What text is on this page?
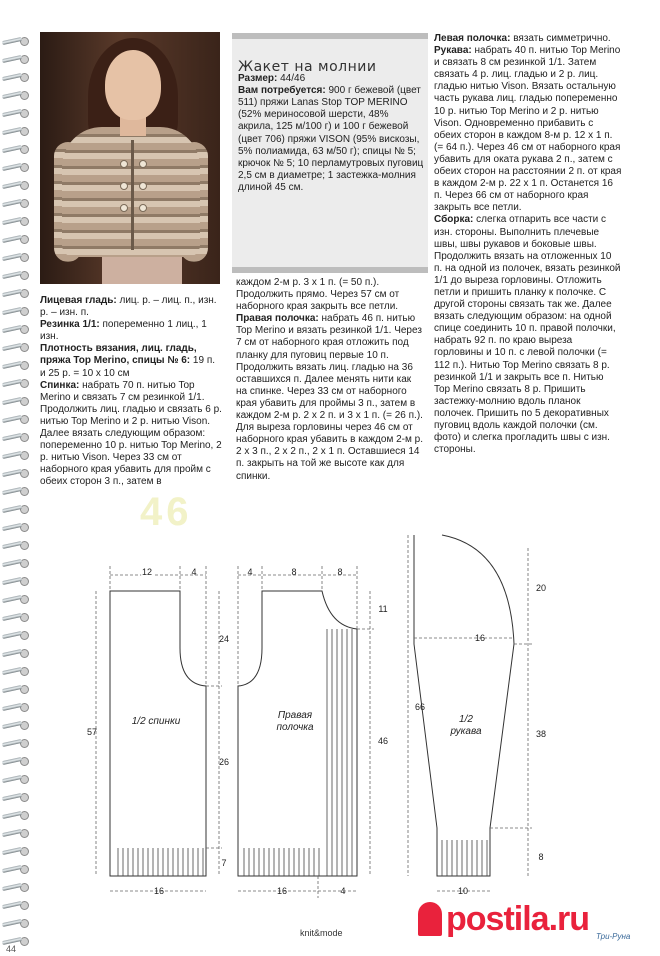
Жакет на молнии

Размер: 44/46

Вам потребуется: 900 г бежевой (цвет 511) пряжи Lanas Stop TOP MERINO (52% мериносовой шерсти, 48% акрила, 125 м/100 г) и 100 г бежевой (цвет 706) пряжи VISON (95% вискозы, 5% полиамида, 63 м/50 г); спицы № 5; крючок № 5; 10 перламутровых пуговиц 2,5 см в диаметре; 1 застежка-молния длиной 45 см.

Лицевая гладь: лиц. р. – лиц. п., изн. р. – изн. п.

Резинка 1/1: попеременно 1 лиц., 1 изн.

Плотность вязания, лиц. гладь, пряжа Top Merino, спицы № 6: 19 п. и 25 р. = 10 х 10 см

Спинка: набрать 70 п. нитью Top Merino и связать 7 см резинкой 1/1. Продолжить лиц. гладью и связать 6 р. нитью Top Merino и 2 р. нитью Vison. Далее вязать следующим образом: попеременно 10 р. нитью Top Merino, 2 р. нитью Vison. Через 33 см от наборного края убавить для пройм с обеих сторон 3 п., затем в

каждом 2-м р. 3 х 1 п. (= 50 п.). Продолжить прямо. Через 57 см от наборного края закрыть все петли.

Правая полочка: набрать 46 п. нитью Top Merino и вязать резинкой 1/1. Через 7 см от наборного края отложить под планку для пуговиц первые 10 п. Продолжить вязать лиц. гладью на 36 оставшихся п. Далее менять нити как на спинке. Через 33 см от наборного края убавить для проймы 3 п., затем в каждом 2-м р. 2 х 2 п. и 3 х 1 п. (= 26 п.). Для выреза горловины через 46 см от наборного края убавить в каждом 2-м р. 2 х 3 п., 2 х 2 п., 2 х 1 п. Оставшиеся 14 п. закрыть на той же высоте как для спинки.

Левая полочка: вязать симметрично.

Рукава: набрать 40 п. нитью Top Merino и связать 8 см резинкой 1/1. Затем связать 4 р. лиц. гладью и 2 р. лиц. гладью нитью Vison. Вязать остальную часть рукава лиц. гладью попеременно 10 р. нитью Top Merino и 2 р. нитью Vison. Одновременно прибавить с обеих сторон в каждом 8-м р. 12 х 1 п. (= 64 п.). Через 46 см от наборного края убавить для оката рукава 2 п., затем с обеих сторон на расстоянии 2 п. от края в каждом 2-м р. 22 х 1 п. Останется 16 п. Через 66 см от наборного края закрыть все петли.

Сборка: слегка отпарить все части с изн. стороны. Выполнить плечевые швы, швы рукавов и боковые швы. Продолжить вязать на отложенных 10 п. на одной из полочек, вязать резинкой 1/1 до выреза горловины. Отложить петли и пришить планку к полочке. С другой стороны связать так же. Далее вязать следующим образом: на одной спице соединить 10 п. правой полочки, набрать 92 п. по краю выреза горловины и 10 п. с левой полочки (= 112 п.). Нитью Top Merino связать 8 р. резинкой 1/1 и закрыть все п. Нитью Top Merino связать 8 р. Пришить застежку-молнию вдоль планок полочек. Пришить по 5 декоративных пуговиц вдоль каждой полочки (см. фото) и слегка прогладить швы с изн. стороны.

46
12	4	4	8	8
11
24
57
26
7
16	16	4
46
66
20
16
38
8
10
1/2 спинки
Правая
полочка
1/2
рукава
knit&mode	postila.ru Три-Руна
44
